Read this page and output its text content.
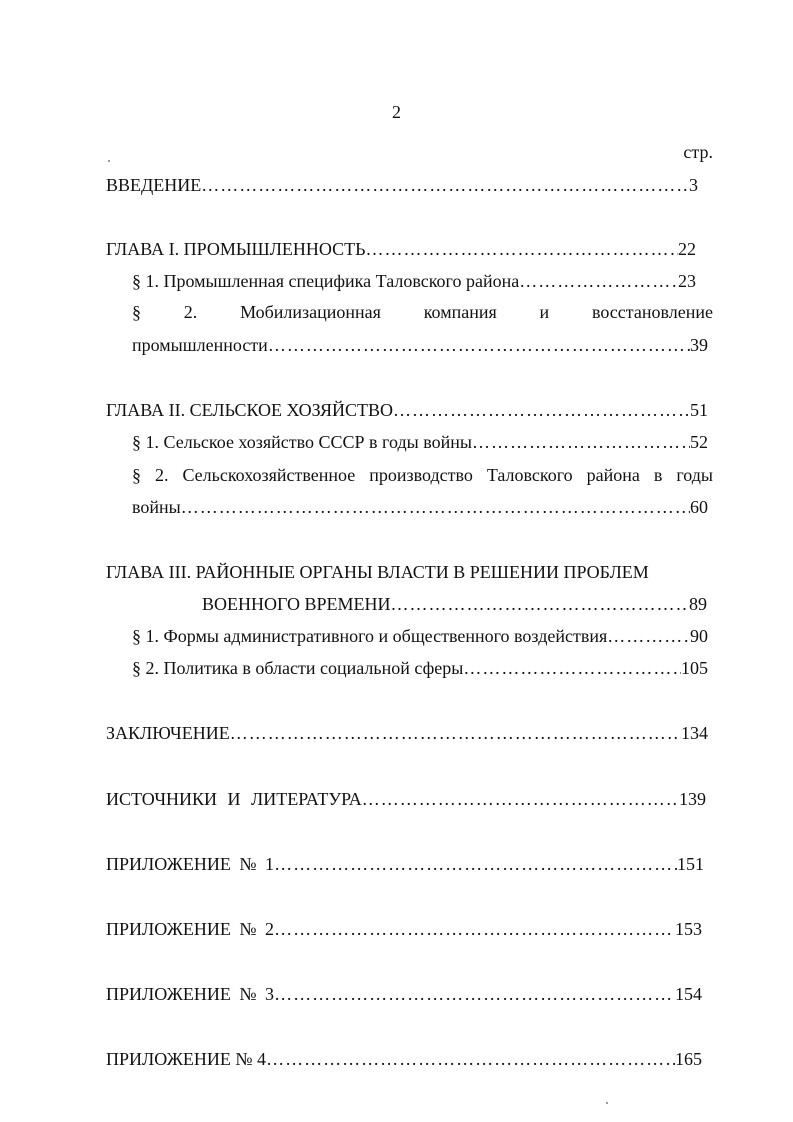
2
стр.
ВВЕДЕНИЕ ……………………………………………………………………………………………………………………………………………………………………………………	3
ГЛАВА I. ПРОМЫШЛЕННОСТЬ ……………………………………………………………………………………………………………………………………………………………………………………	22
§ 1. Промышленная специфика Таловского района ……………………………………………………………………………………………………………………………………………………………………………………	23
§ 2. Мобилизационная компания и восстановление
промышленности ……………………………………………………………………………………………………………………………………………………………………………………	39
ГЛАВА II. СЕЛЬСКОЕ ХОЗЯЙСТВО ……………………………………………………………………………………………………………………………………………………………………………………	51
§ 1. Сельское хозяйство СССР в годы войны ……………………………………………………………………………………………………………………………………………………………………………………	52
§ 2. Сельскохозяйственное производство Таловского района в годы
войны ……………………………………………………………………………………………………………………………………………………………………………………	60
ГЛАВА III. РАЙОННЫЕ ОРГАНЫ ВЛАСТИ В РЕШЕНИИ ПРОБЛЕМ
ВОЕННОГО ВРЕМЕНИ ……………………………………………………………………………………………………………………………………………………………………………………	89
§ 1. Формы административного и общественного воздействия ……………………………………………………………………………………………………………………………………………………………………………………	90
§ 2. Политика в области социальной сферы ……………………………………………………………………………………………………………………………………………………………………………………	105
ЗАКЛЮЧЕНИЕ ……………………………………………………………………………………………………………………………………………………………………………………	134
ИСТОЧНИКИ И ЛИТЕРАТУРА ……………………………………………………………………………………………………………………………………………………………………………………	139
ПРИЛОЖЕНИЕ № 1 ……………………………………………………………………………………………………………………………………………………………………………………	151
ПРИЛОЖЕНИЕ № 2 ……………………………………………………………………………………………………………………………………………………………………………………	153
ПРИЛОЖЕНИЕ № 3 ……………………………………………………………………………………………………………………………………………………………………………………	154
ПРИЛОЖЕНИЕ № 4 ……………………………………………………………………………………………………………………………………………………………………………………	165
